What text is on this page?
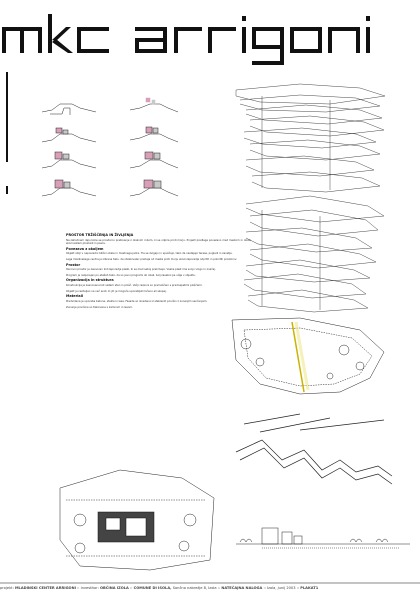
PROSTOR TRŽIŠČENJA IN ŽIVLJENJA

Na zahodnem delu Izole se prostorno prebivanje z obalnim robom, ki se odpira proti morju. Projekt predlaga povezavo med mestom in obalo skozi sistem ploščadi in pasov.

Povezava z okoljem

Objekt stoji v neposredni bližini obale in mestnega jedra. Tla se dvigajo in spuščajo, tako da nastajajo terase, pogledi in zavetja.

Lega mladinskega centra je izbrana tako, da obiskovalec prehaja od mesta proti morju skozi zaporedje odprtih in pokritih prostorov.

Prostor

Osnovni prostor je zasnovan kot zaporedje plasti, ki se med seboj prekrivajo. Vsaka plast ima svojo vlogo in značaj.

Program je razporejen po etažah tako, da so javni programi ob obali, bolj zasebni pa višje v objektu.

Organizacija in struktura

Konstrukcija je zasnovana kot sistem sten in plošč. Večji razponi so premoščeni s prednapetimi ploščami.

Objekt je razdeljen na več enot, ki jih je mogoče uporabljati ločeno ali skupaj.

Materiali

Predvidena je uporaba betona, stekla in lesa. Fasade so izvedene iz steklenih površin z zunanjim senčenjem.

Zunanje površine so tlakovane s kamnom in lesom.

projekt: MLADINSKI CENTER ARRIGONI :: investitor: OBČINA IZOLA :: COMUNE DI ISOLA, Sončno nabrežje 8, Izola :: NATEČAJNA NALOGA :: Izola, junij 2003 :: PLAKAT1
